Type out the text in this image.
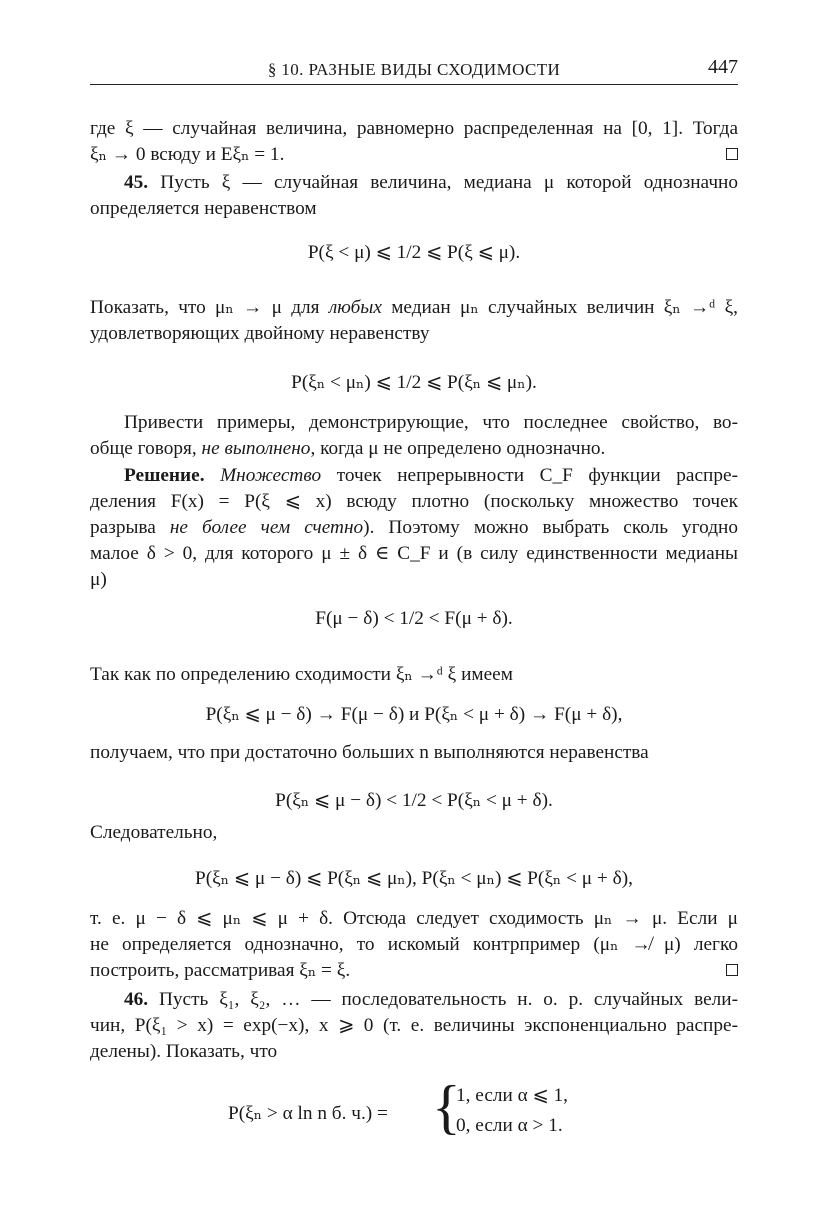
§ 10. РАЗНЫЕ ВИДЫ СХОДИМОСТИ	447
где ξ — случайная величина, равномерно распределенная на [0, 1]. Тогда
ξₙ → 0 всюду и Eξₙ = 1.
45. Пусть ξ — случайная величина, медиана μ которой однозначно
определяется неравенством
P(ξ < μ) ⩽ 1/2 ⩽ P(ξ ⩽ μ).
Показать, что μₙ → μ для любых медиан μₙ случайных величин ξₙ →ᵈ ξ,
удовлетворяющих двойному неравенству
P(ξₙ < μₙ) ⩽ 1/2 ⩽ P(ξₙ ⩽ μₙ).
Привести примеры, демонстрирующие, что последнее свойство, во-
обще говоря, не выполнено, когда μ не определено однозначно.
Решение. Множество точек непрерывности C_F функции распре-
деления F(x) = P(ξ ⩽ x) всюду плотно (поскольку множество точек
разрыва не более чем счетно). Поэтому можно выбрать сколь угодно
малое δ > 0, для которого μ ± δ ∈ C_F и (в силу единственности медианы
μ)
F(μ − δ) < 1/2 < F(μ + δ).
Так как по определению сходимости ξₙ →ᵈ ξ имеем
P(ξₙ ⩽ μ − δ) → F(μ − δ) и P(ξₙ < μ + δ) → F(μ + δ),
получаем, что при достаточно больших n выполняются неравенства
P(ξₙ ⩽ μ − δ) < 1/2 < P(ξₙ < μ + δ).
Следовательно,
P(ξₙ ⩽ μ − δ) ⩽ P(ξₙ ⩽ μₙ), P(ξₙ < μₙ) ⩽ P(ξₙ < μ + δ),
т. е. μ − δ ⩽ μₙ ⩽ μ + δ. Отсюда следует сходимость μₙ → μ. Если μ
не определяется однозначно, то искомый контрпример (μₙ ↛ μ) легко
построить, рассматривая ξₙ = ξ.
46. Пусть ξ₁, ξ₂, … — последовательность н. о. р. случайных вели-
чин, P(ξ₁ > x) = exp(−x), x ⩾ 0 (т. е. величины экспоненциально распре-
делены). Показать, что
P(ξₙ > α ln n б. ч.) = {
1, если α ⩽ 1,
0, если α > 1.
